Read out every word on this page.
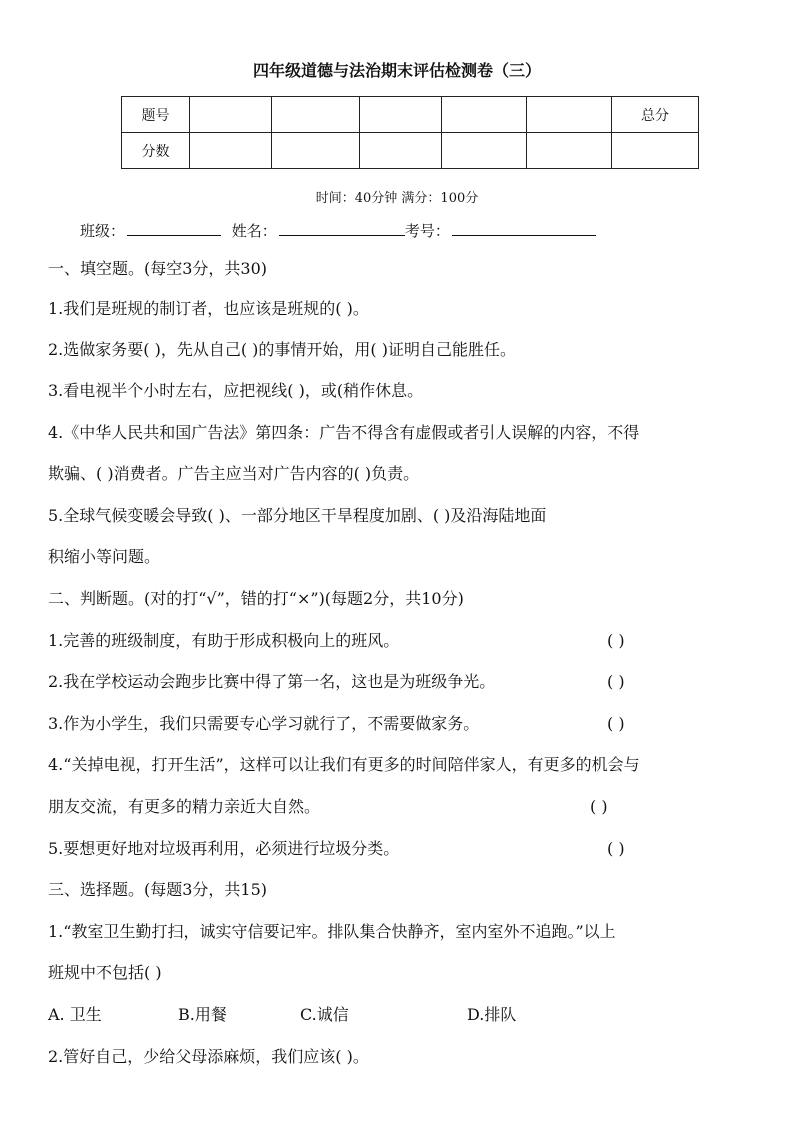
四年级道德与法治期末评估检测卷（三）
题号						总分
分数						
时间：40分钟 满分：100分
班级：	姓名：	考号：
一、填空题。(每空3分，共30)
1.我们是班规的制订者，也应该是班规的( )。
2.选做家务要( )，先从自己( )的事情开始，用( )证明自己能胜任。
3.看电视半个小时左右，应把视线( )，或(稍作休息。
4.《中华人民共和国广告法》第四条：广告不得含有虚假或者引人误解的内容，不得
欺骗、( )消费者。广告主应当对广告内容的( )负责。
5.全球气候变暖会导致( )、一部分地区干旱程度加剧、( )及沿海陆地面
积缩小等问题。
二、判断题。(对的打“√”，错的打“×”)(每题2分，共10分)
1.完善的班级制度，有助于形成积极向上的班风。	( )
2.我在学校运动会跑步比赛中得了第一名，这也是为班级争光。	( )
3.作为小学生，我们只需要专心学习就行了，不需要做家务。	( )
4.“关掉电视，打开生活”，这样可以让我们有更多的时间陪伴家人，有更多的机会与
朋友交流，有更多的精力亲近大自然。	( )
5.要想更好地对垃圾再利用，必须进行垃圾分类。	( )
三、选择题。(每题3分，共15)
1.“教室卫生勤打扫，诚实守信要记牢。排队集合快静齐，室内室外不追跑。”以上
班规中不包括( )
A. 卫生	B.用餐	C.诚信	D.排队
2.管好自己，少给父母添麻烦，我们应该( )。
